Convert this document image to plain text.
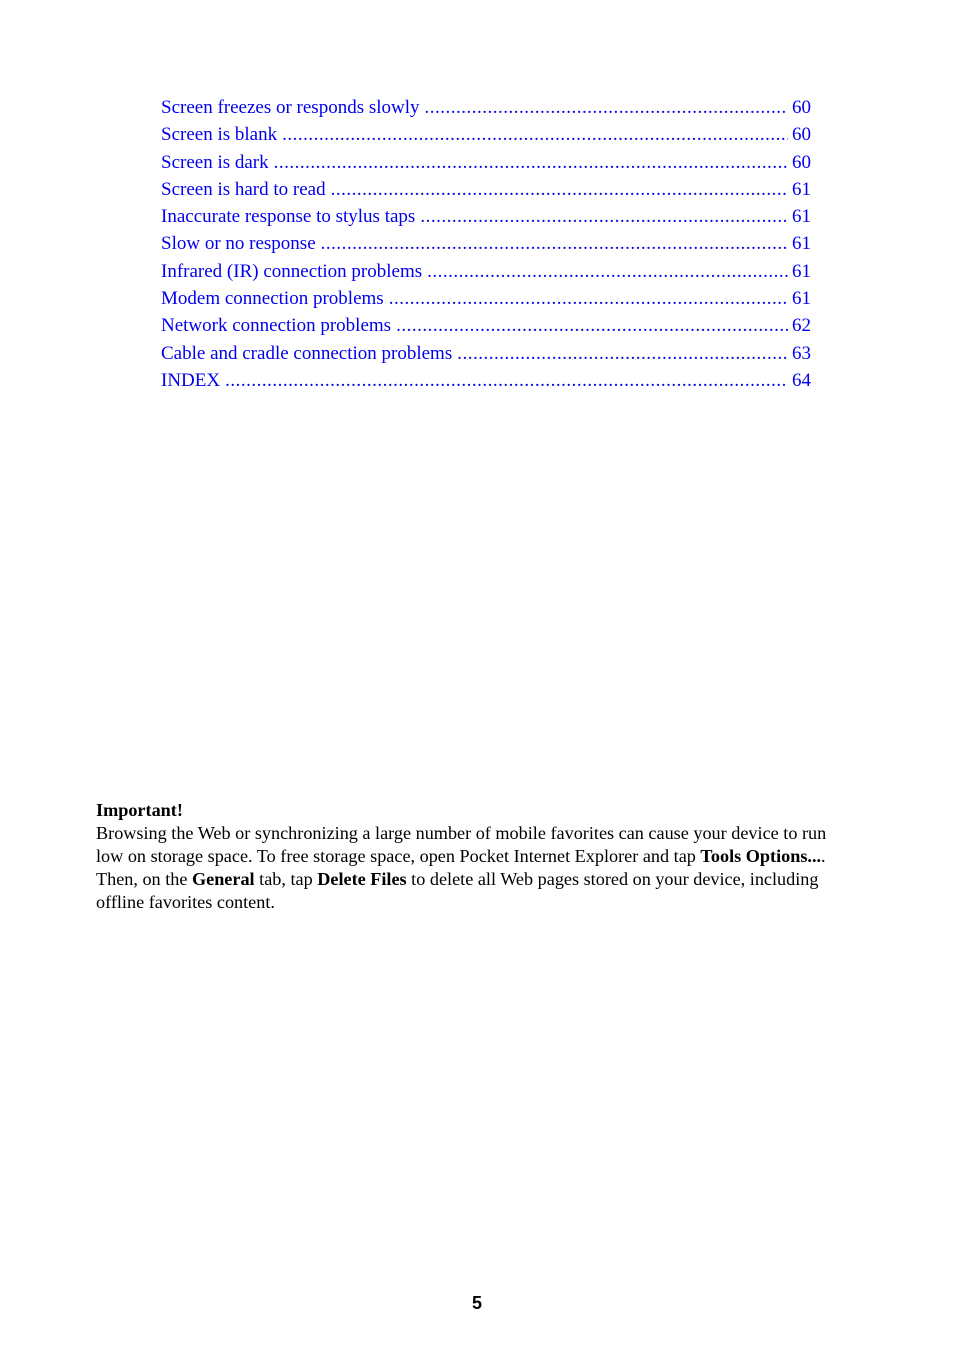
Screen freezes or responds slowly .....	60
Screen is blank .....	60
Screen is dark .....	60
Screen is hard to read .....	61
Inaccurate response to stylus taps .....	61
Slow or no response .....	61
Infrared (IR) connection problems .....	61
Modem connection problems .....	61
Network connection problems .....	62
Cable and cradle connection problems .....	63
INDEX .....	64
Important!
Browsing the Web or synchronizing a large number of mobile favorites can cause your device to run low on storage space. To free storage space, open Pocket Internet Explorer and tap Tools Options.... Then, on the General tab, tap Delete Files to delete all Web pages stored on your device, including offline favorites content.
5
